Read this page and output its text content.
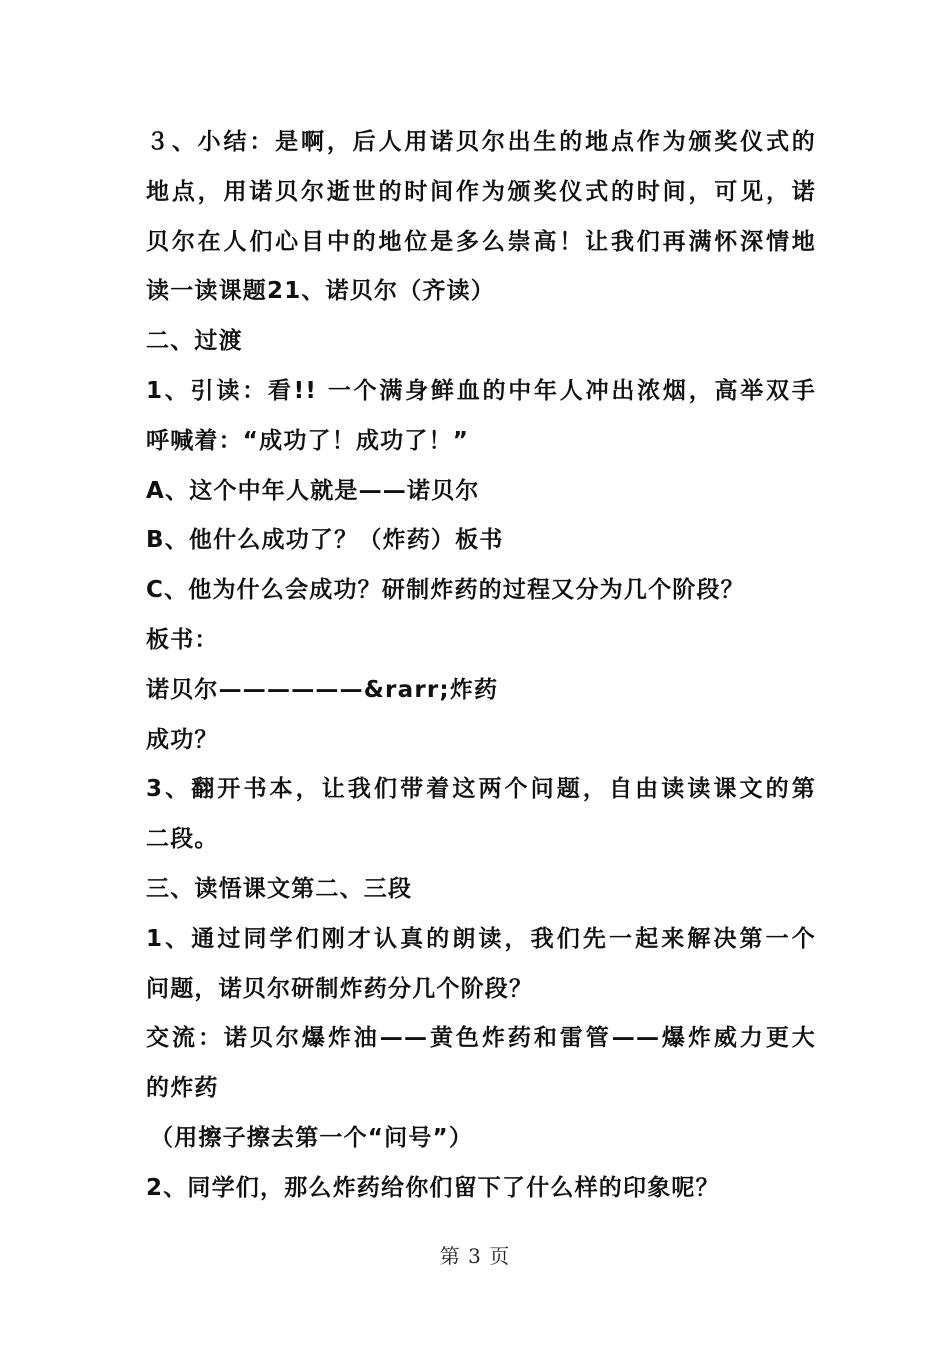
３、小结：是啊，后人用诺贝尔出生的地点作为颁奖仪式的
地点，用诺贝尔逝世的时间作为颁奖仪式的时间，可见，诺
贝尔在人们心目中的地位是多么崇高！让我们再满怀深情地
读一读课题21、诺贝尔（齐读）
二、过渡
1、引读：看!! 一个满身鲜血的中年人冲出浓烟，高举双手
呼喊着：“成功了！成功了！”
A、这个中年人就是——诺贝尔
B、他什么成功了？（炸药）板书
C、他为什么会成功？研制炸药的过程又分为几个阶段？
板书：
诺贝尔——————&rarr;炸药
成功？
3、翻开书本，让我们带着这两个问题，自由读读课文的第
二段。
三、读悟课文第二、三段
1、通过同学们刚才认真的朗读，我们先一起来解决第一个
问题，诺贝尔研制炸药分几个阶段？
交流：诺贝尔爆炸油——黄色炸药和雷管——爆炸威力更大
的炸药
（用擦子擦去第一个“问号”）
2、同学们，那么炸药给你们留下了什么样的印象呢？
第 3 页
